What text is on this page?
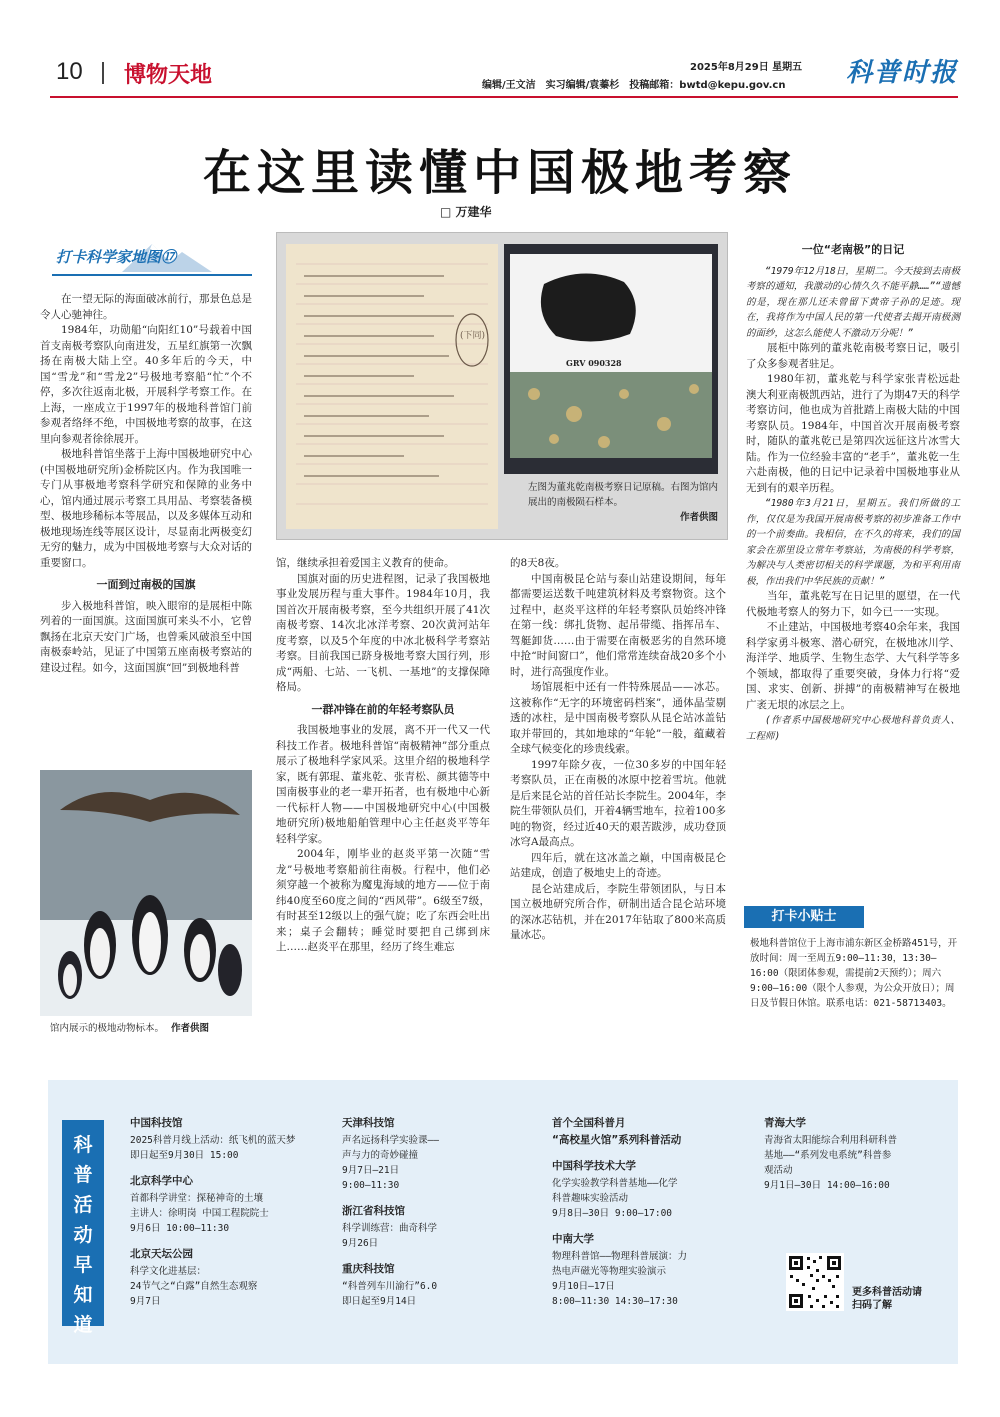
10 博物天地	2025年8月29日 星期五
编辑/王文洁　实习编辑/袁蓁杉　投稿邮箱：bwtd@kepu.gov.cn 科普时报
在这里读懂中国极地考察
□ 万建华
打卡科学家地图⑰

在一望无际的海面破冰前行，那景色总是令人心驰神往。

1984年，功勋船“向阳红10”号载着中国首支南极考察队向南进发，五星红旗第一次飘扬在南极大陆上空。40多年后的今天，中国“雪龙”和“雪龙2”号极地考察船“忙”个不停，多次往返南北极，开展科学考察工作。在上海，一座成立于1997年的极地科普馆门前参观者络绎不绝，中国极地考察的故事，在这里向参观者徐徐展开。

极地科普馆坐落于上海中国极地研究中心(中国极地研究所)金桥院区内。作为我国唯一专门从事极地考察科学研究和保障的业务中心，馆内通过展示考察工具用品、考察装备模型、极地珍稀标本等展品，以及多媒体互动和极地现场连线等展区设计，尽显南北两极变幻无穷的魅力，成为中国极地考察与大众对话的重要窗口。

一面到过南极的国旗

步入极地科普馆，映入眼帘的是展柜中陈列着的一面国旗。这面国旗可来头不小，它曾飘扬在北京天安门广场，也曾乘风破浪至中国南极泰岭站，见证了中国第五座南极考察站的建设过程。如今，这面国旗“回”到极地科普

馆内展示的极地动物标本。 作者供图
(下同)
GRV 090328
左图为董兆乾南极考察日记原稿。右图为馆内展出的南极陨石样本。
作者供图

馆，继续承担着爱国主义教育的使命。

国旗对面的历史进程图，记录了我国极地事业发展历程与重大事件。1984年10月，我国首次开展南极考察，至今共组织开展了41次南极考察、14次北冰洋考察、20次黄河站年度考察，以及5个年度的中冰北极科学考察站考察。目前我国已跻身极地考察大国行列，形成“两船、七站、一飞机、一基地”的支撑保障格局。

一群冲锋在前的年轻考察队员

我国极地事业的发展，离不开一代又一代科技工作者。极地科普馆“南极精神”部分重点展示了极地科学家风采。这里介绍的极地科学家，既有郭琨、董兆乾、张青松、颜其德等中国南极事业的老一辈开拓者，也有极地中心新一代标杆人物——中国极地研究中心(中国极地研究所)极地船舶管理中心主任赵炎平等年轻科学家。

2004年，刚毕业的赵炎平第一次随“雪龙”号极地考察船前往南极。行程中，他们必须穿越一个被称为魔鬼海域的地方——位于南纬40度至60度之间的“西风带”。6级至7级，有时甚至12级以上的强气旋；吃了东西会吐出来；桌子会翻转；睡觉时要把自己绑到床上……赵炎平在那里，经历了终生难忘

的8天8夜。

中国南极昆仑站与泰山站建设期间，每年都需要运送数千吨建筑材料及考察物资。这个过程中，赵炎平这样的年轻考察队员始终冲锋在第一线：绑扎货物、起吊带缆、指挥吊车、驾艇卸货……由于需要在南极恶劣的自然环境中抢“时间窗口”，他们常常连续奋战20多个小时，进行高强度作业。

场馆展柜中还有一件特殊展品——冰芯。这被称作“无字的环境密码档案”，通体晶莹剔透的冰柱，是中国南极考察队从昆仑站冰盖钻取并带回的，其如地球的“年轮”一般，蕴藏着全球气候变化的珍贵线索。

1997年除夕夜，一位30多岁的中国年轻考察队员，正在南极的冰原中挖着雪坑。他就是后来昆仑站的首任站长李院生。2004年，李院生带领队员们，开着4辆雪地车，拉着100多吨的物资，经过近40天的艰苦跋涉，成功登顶冰穹A最高点。

四年后，就在这冰盖之巅，中国南极昆仑站建成，创造了极地史上的奇迹。

昆仑站建成后，李院生带领团队，与日本国立极地研究所合作，研制出适合昆仑站环境的深冰芯钻机，并在2017年钻取了800米高质量冰芯。

一位“老南极”的日记

“1979年12月18日，星期二。今天接到去南极考察的通知，我激动的心情久久不能平静……”“遗憾的是，现在那儿还未曾留下黄帝子孙的足迹。现在，我将作为中国人民的第一代使者去揭开南极测的面纱，这怎么能使人不激动万分呢！”

展柜中陈列的董兆乾南极考察日记，吸引了众多参观者驻足。

1980年初，董兆乾与科学家张青松远赴澳大利亚南极凯西站，进行了为期47天的科学考察访问，他也成为首批踏上南极大陆的中国考察队员。1984年，中国首次开展南极考察时，随队的董兆乾已是第四次远征这片冰雪大陆。作为一位经验丰富的“老手”，董兆乾一生六赴南极，他的日记中记录着中国极地事业从无到有的艰辛历程。

“1980年3月21日，星期五。我们所做的工作，仅仅是为我国开展南极考察的初步准备工作中的一个前奏曲。我相信，在不久的将来，我们的国家会在那里设立常年考察站，为南极的科学考察，为解决与人类密切相关的科学课题，为和平利用南极，作出我们中华民族的贡献！”

当年，董兆乾写在日记里的愿望，在一代代极地考察人的努力下，如今已一一实现。

不止建站，中国极地考察40余年来，我国科学家勇斗极寒、潜心研究，在极地冰川学、海洋学、地质学、生物生态学、大气科学等多个领域，都取得了重要突破，身体力行将“爱国、求实、创新、拼搏”的南极精神写在极地广袤无垠的冰层之上。

(作者系中国极地研究中心极地科普负责人、工程师)

打卡小贴士
极地科普馆位于上海市浦东新区金桥路451号，开放时间：周一至周五9:00—11:30，13:30—16:00（限团体参观，需提前2天预约）；周六9:00—16:00（限个人参观，为公众开放日）；周日及节假日休馆。联系电话：021-58713403。
科普活动早知道
中国科技馆
2025科普月线上活动：纸飞机的蓝天梦
即日起至9月30日 15:00
北京科学中心
首都科学讲堂：探秘神奇的土壤
主讲人：徐明岗 中国工程院院士
9月6日 10:00—11:30
北京天坛公园
科学文化进基层：
24节气之“白露”自然生态观察
9月7日
天津科技馆
声名远扬科学实验课——
声与力的奇妙碰撞
9月7日—21日
9:00—11:30
浙江省科技馆
科学训练营：曲奇科学
9月26日
重庆科技馆
“科普列车川渝行”6.0
即日起至9月14日
首个全国科普月
“高校星火馆”系列科普活动
中国科学技术大学
化学实验教学科普基地——化学
科普趣味实验活动
9月8日—30日 9:00—17:00
中南大学
物理科普馆——物理科普展演：力
热电声磁光等物理实验演示
9月10日—17日
8:00—11:30 14:30—17:30
青海大学
青海省太阳能综合利用科研科普
基地——“系列发电系统”科普参
观活动
9月1日—30日 14:00—16:00
更多科普活动请扫码了解
